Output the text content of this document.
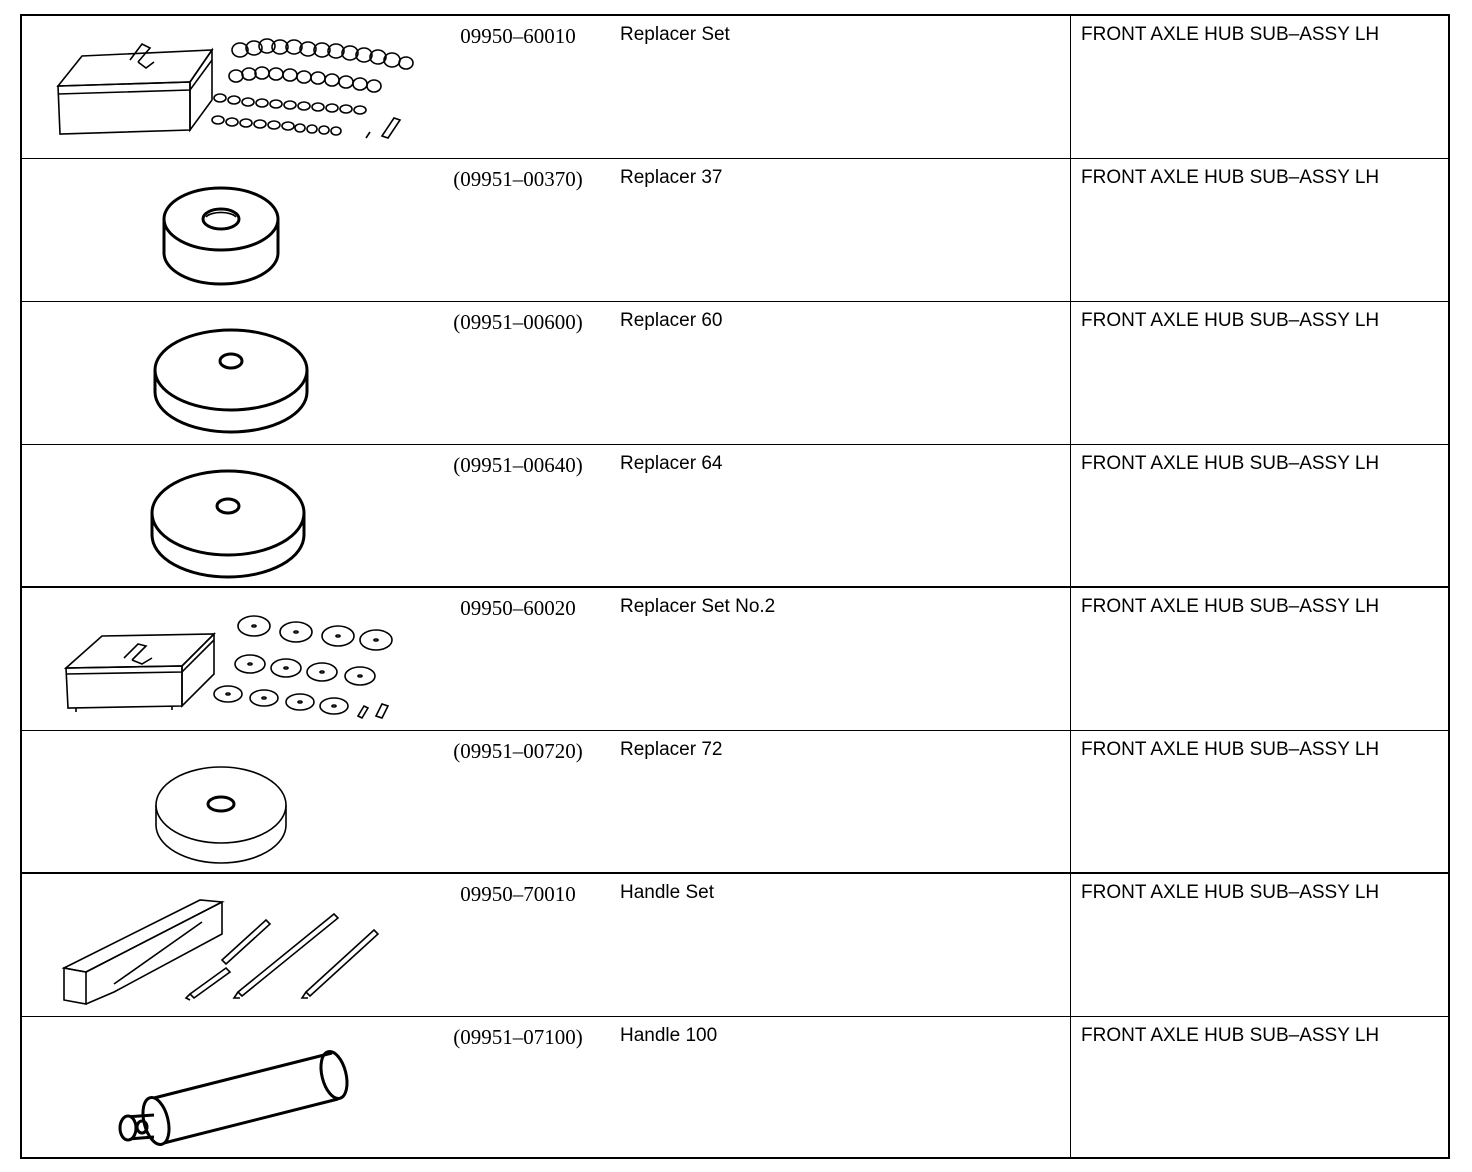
09950–60010	Replacer Set	FRONT AXLE HUB SUB–ASSY LH
(09951–00370)	Replacer 37	FRONT AXLE HUB SUB–ASSY LH
(09951–00600)	Replacer 60	FRONT AXLE HUB SUB–ASSY LH
(09951–00640)	Replacer 64	FRONT AXLE HUB SUB–ASSY LH
09950–60020	Replacer Set No.2	FRONT AXLE HUB SUB–ASSY LH
(09951–00720)	Replacer 72	FRONT AXLE HUB SUB–ASSY LH
09950–70010	Handle Set	FRONT AXLE HUB SUB–ASSY LH
(09951–07100)	Handle 100	FRONT AXLE HUB SUB–ASSY LH
